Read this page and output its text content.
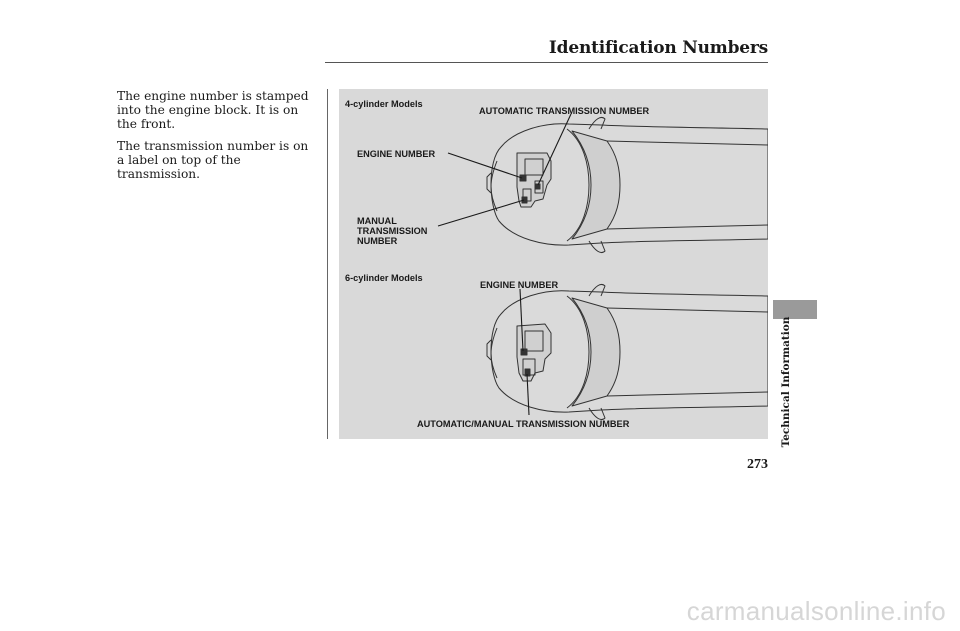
Identification Numbers

The engine number is stamped into the engine block. It is on the front.

The transmission number is on a label on top of the transmission.

4-cylinder Models
AUTOMATIC TRANSMISSION NUMBER
ENGINE NUMBER
MANUAL
TRANSMISSION
NUMBER
6-cylinder Models
ENGINE NUMBER
AUTOMATIC/MANUAL TRANSMISSION NUMBER	Technical Information
273
carmanualsonline.info
